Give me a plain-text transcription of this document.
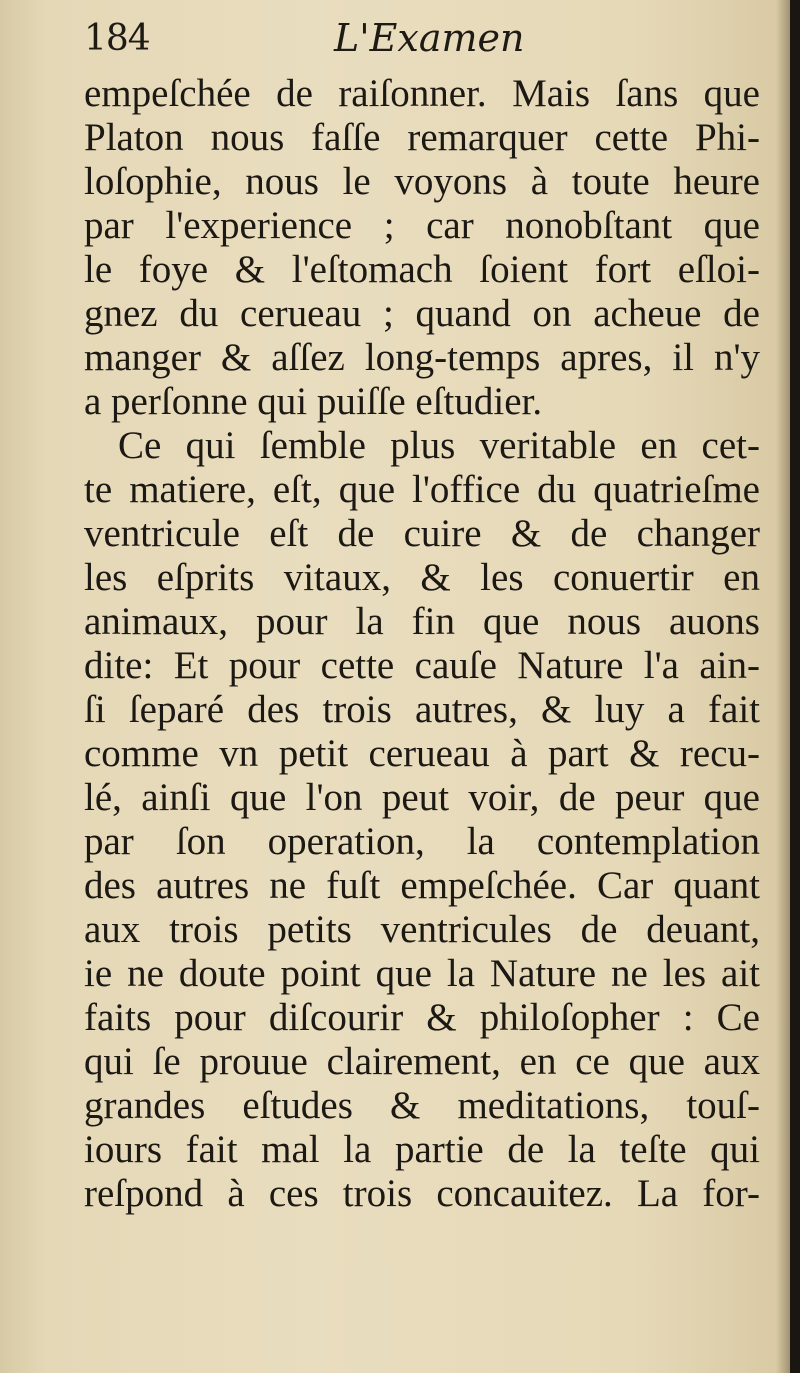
184	L'Examen
empeſchée de raiſonner. Mais ſans que
Platon nous faſſe remarquer cette Phi-
loſophie, nous le voyons à toute heure
par l'experience ; car nonobſtant que
le foye & l'eſtomach ſoient fort eſloi-
gnez du cerueau ; quand on acheue de
manger & aſſez long-temps apres, il n'y
a perſonne qui puiſſe eſtudier.
Ce qui ſemble plus veritable en cet-
te matiere, eſt, que l'office du quatrieſme
ventricule eſt de cuire & de changer
les eſprits vitaux, & les conuertir en
animaux, pour la fin que nous auons
dite: Et pour cette cauſe Nature l'a ain-
ſi ſeparé des trois autres, & luy a fait
comme vn petit cerueau à part & recu-
lé, ainſi que l'on peut voir, de peur que
par ſon operation, la contemplation
des autres ne fuſt empeſchée. Car quant
aux trois petits ventricules de deuant,
ie ne doute point que la Nature ne les ait
faits pour diſcourir & philoſopher : Ce
qui ſe prouue clairement, en ce que aux
grandes eſtudes & meditations, touſ-
iours fait mal la partie de la teſte qui
reſpond à ces trois concauitez. La for-
